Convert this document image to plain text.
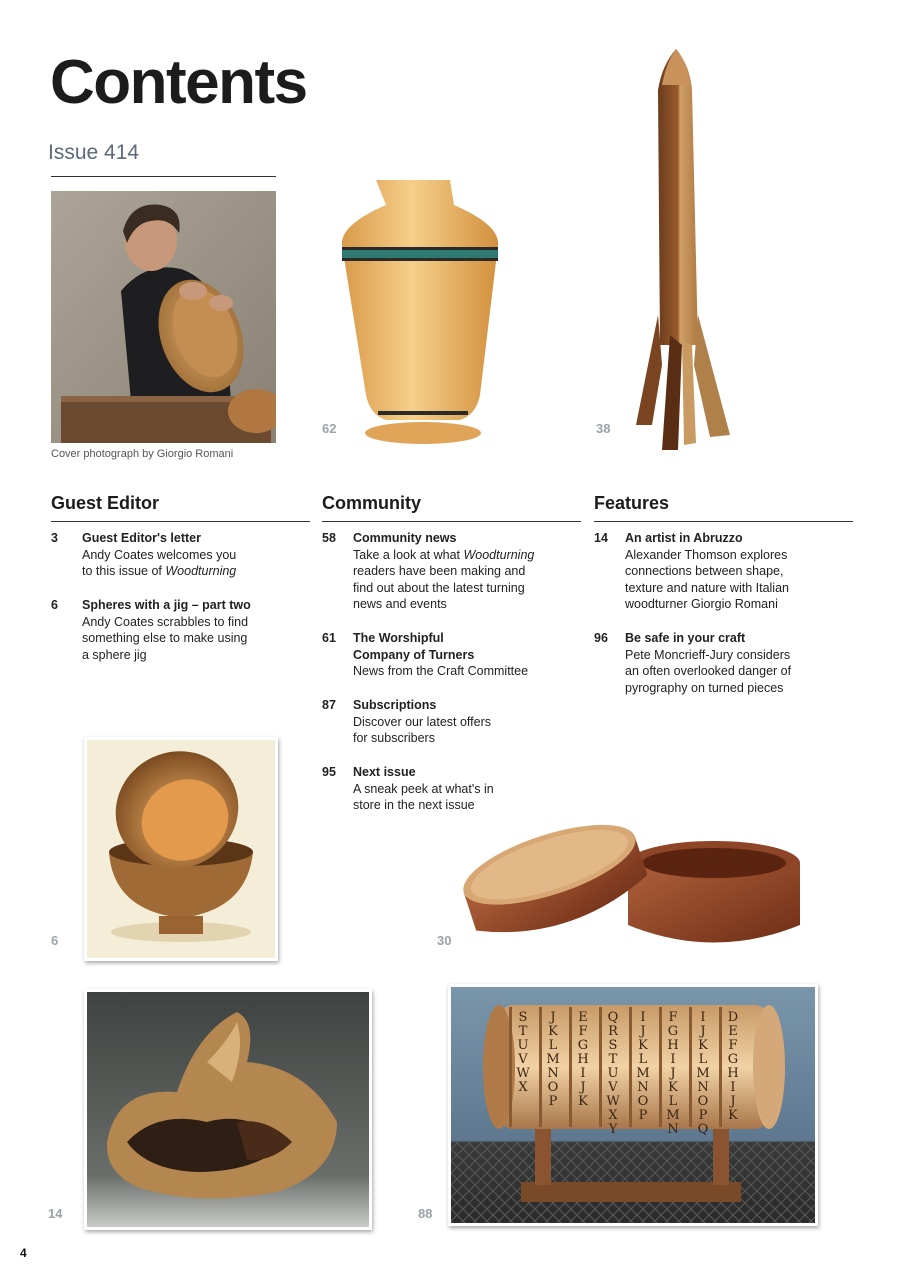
Contents
Issue 414
Cover photograph by Giorgio Romani
62	38
Guest Editor
3 Guest Editor's letter
Andy Coates welcomes you
to this issue of Woodturning
6 Spheres with a jig – part two
Andy Coates scrabbles to find
something else to make using
a sphere jig
Community
58 Community news
Take a look at what Woodturning
readers have been making and
find out about the latest turning
news and events
61 The Worshipful
Company of Turners
News from the Craft Committee
87 Subscriptions
Discover our latest offers
for subscribers
95 Next issue
A sneak peek at what's in
store in the next issue
Features
14 An artist in Abruzzo
Alexander Thomson explores
connections between shape,
texture and nature with Italian
woodturner Giorgio Romani
96 Be safe in your craft
Pete Moncrieff-Jury considers
an often overlooked danger of
pyrography on turned pieces
6	30
14
S
T
U
V
W
X
J
K
L
M
N
O
P
E
F
G
H
I
J
K
Q
R
S
T
U
V
W
X
Y
I
J
K
L
M
N
O
P
F
G
H
I
J
K
L
M
N
I
J
K
L
M
N
O
P
Q
D
E
F
G
H
I
J
K
88
4
